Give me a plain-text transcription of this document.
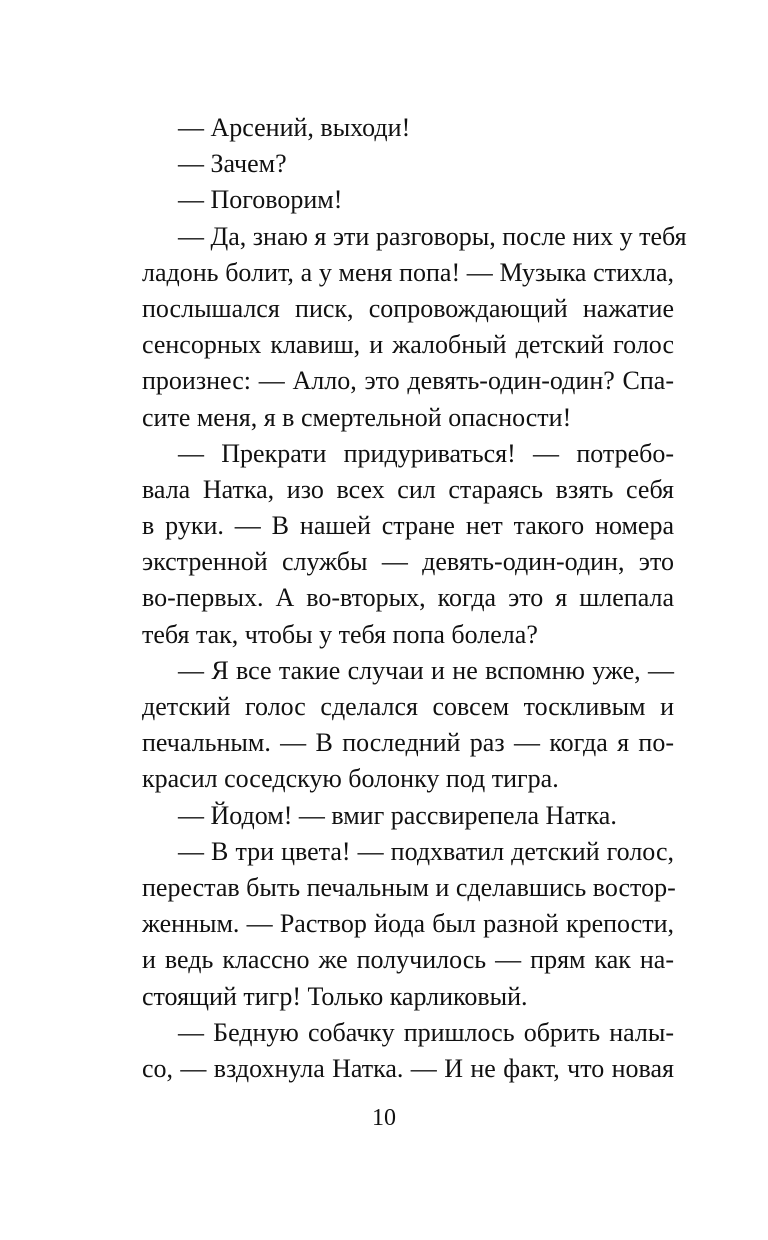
— Арсений, выходи!
— Зачем?
— Поговорим!
— Да, знаю я эти разговоры, после них у тебя
ладонь болит, а у меня попа! — Музыка стихла,
послышался писк, сопровождающий нажатие
сенсорных клавиш, и жалобный детский голос
произнес: — Алло, это девять-один-один? Спа-
сите меня, я в смертельной опасности!
— Прекрати придуриваться! — потребо-
вала Натка, изо всех сил стараясь взять себя
в руки. — В нашей стране нет такого номера
экстренной службы — девять-один-один, это
во-первых. А во-вторых, когда это я шлепала
тебя так, чтобы у тебя попа болела?
— Я все такие случаи и не вспомню уже, —
детский голос сделался совсем тоскливым и
печальным. — В последний раз — когда я по-
красил соседскую болонку под тигра.
— Йодом! — вмиг рассвирепела Натка.
— В три цвета! — подхватил детский голос,
перестав быть печальным и сделавшись востор-
женным. — Раствор йода был разной крепости,
и ведь классно же получилось — прям как на-
стоящий тигр! Только карликовый.
— Бедную собачку пришлось обрить налы-
со, — вздохнула Натка. — И не факт, что новая
10
